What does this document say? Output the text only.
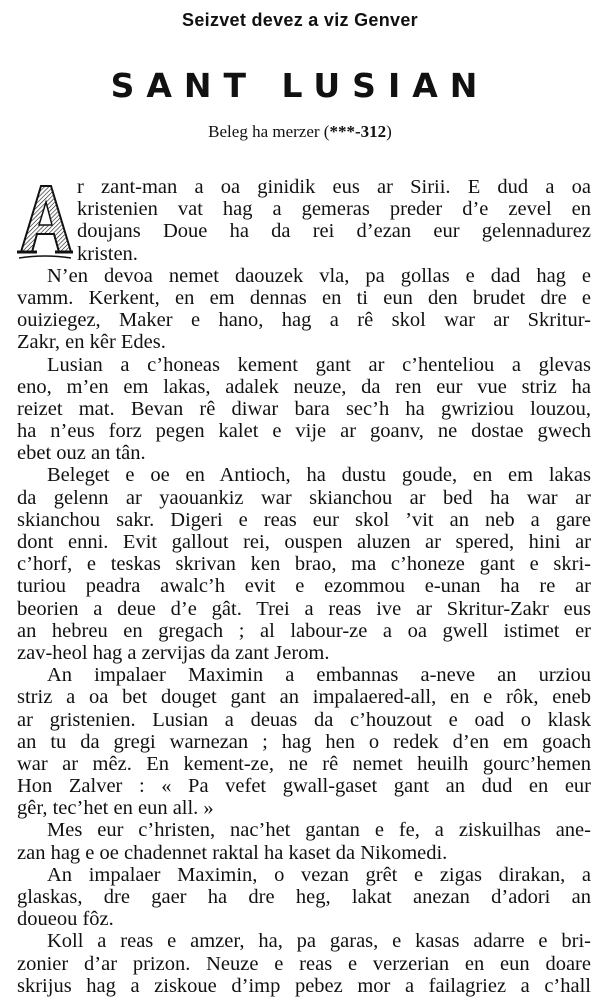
Seizvet devez a viz Genver
SANT LUSIAN
Beleg ha merzer (***-312)
A
r zant-man a oa ginidik eus ar Sirii. E dud a oa
kristenien vat hag a gemeras preder d’e zevel en
doujans Doue ha da rei d’ezan eur gelennadurez
kristen.
N’en devoa nemet daouzek vla, pa gollas e dad hag e
vamm. Kerkent, en em dennas en ti eun den brudet dre e
ouiziegez, Maker e hano, hag a rê skol war ar Skritur-
Zakr, en kêr Edes.
Lusian a c’honeas kement gant ar c’henteliou a glevas
eno, m’en em lakas, adalek neuze, da ren eur vue striz ha
reizet mat. Bevan rê diwar bara sec’h ha gwriziou louzou,
ha n’eus forz pegen kalet e vije ar goanv, ne dostae gwech
ebet ouz an tân.
Beleget e oe en Antioch, ha dustu goude, en em lakas
da gelenn ar yaouankiz war skianchou ar bed ha war ar
skianchou sakr. Digeri e reas eur skol ’vit an neb a gare
dont enni. Evit gallout rei, ouspen aluzen ar spered, hini ar
c’horf, e teskas skrivan ken brao, ma c’honeze gant e skri-
turiou peadra awalc’h evit e ezommou e-unan ha re ar
beorien a deue d’e gât. Trei a reas ive ar Skritur-Zakr eus
an hebreu en gregach ; al labour-ze a oa gwell istimet er
zav-heol hag a zervijas da zant Jerom.
An impalaer Maximin a embannas a-neve an urziou
striz a oa bet douget gant an impalaered-all, en e rôk, eneb
ar gristenien. Lusian a deuas da c’houzout e oad o klask
an tu da gregi warnezan ; hag hen o redek d’en em goach
war ar mêz. En kement-ze, ne rê nemet heuilh gourc’hemen
Hon Zalver : « Pa vefet gwall-gaset gant an dud en eur
gêr, tec’het en eun all. »
Mes eur c’hristen, nac’het gantan e fe, a ziskuilhas ane-
zan hag e oe chadennet raktal ha kaset da Nikomedi.
An impalaer Maximin, o vezan grêt e zigas dirakan, a
glaskas, dre gaer ha dre heg, lakat anezan d’adori an
doueou fôz.
Koll a reas e amzer, ha, pa garas, e kasas adarre e bri-
zonier d’ar prizon. Neuze e reas e verzerian en eun doare
skrijus hag a ziskoue d’imp pebez mor a failagriez a c’hall
